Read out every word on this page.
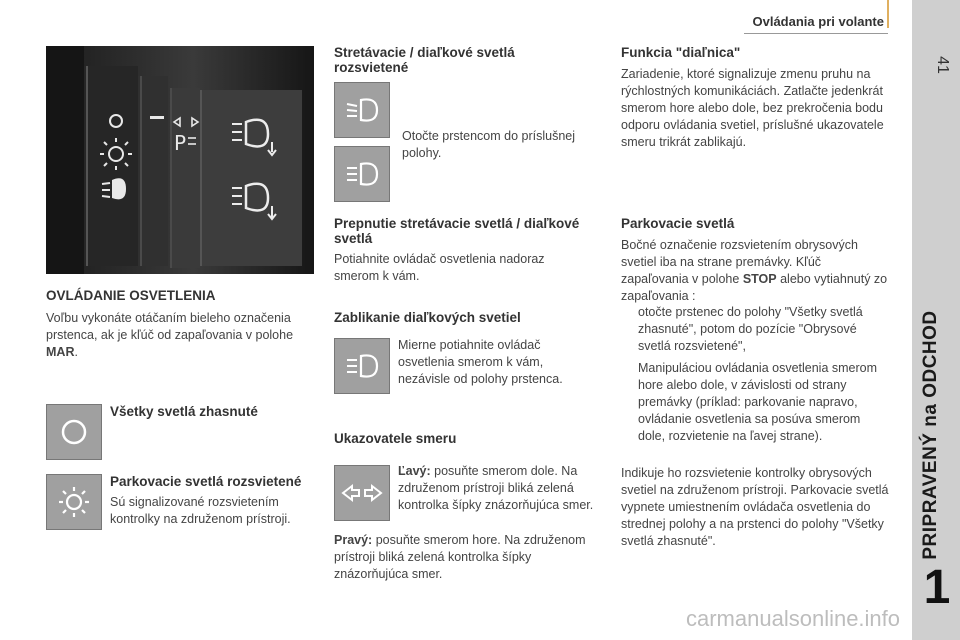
Ovládania pri volante
41
PRIPRAVENÝ na ODCHOD
1
P
OVLÁDANIE OSVETLENIA

Voľbu vykonáte otáčaním bieleho označenia prstenca, ak je kľúč od zapaľovania v polohe MAR.

Všetky svetlá zhasnuté
Parkovacie svetlá rozsvietené

Sú signalizované rozsvietením kontrolky na združenom prístroji.

Stretávacie / diaľkové svetlá rozsvietené

Otočte prstencom do príslušnej polohy.

Prepnutie stretávacie svetlá / diaľkové svetlá

Potiahnite ovládač osvetlenia nadoraz smerom k vám.

Zablikanie diaľkových svetiel

Mierne potiahnite ovládač osvetlenia smerom k vám, nezávisle od polohy prstenca.

Ukazovatele smeru

Ľavý: posuňte smerom dole. Na združenom prístroji bliká zelená kontrolka šípky znázorňujúca smer.

Pravý: posuňte smerom hore. Na združenom prístroji bliká zelená kontrolka šípky znázorňujúca smer.

Funkcia "diaľnica"

Zariadenie, ktoré signalizuje zmenu pruhu na rýchlostných komunikáciách. Zatlačte jedenkrát smerom hore alebo dole, bez prekročenia bodu odporu ovládania svetiel, príslušné ukazovatele smeru trikrát zablikajú.

Parkovacie svetlá

Bočné označenie rozsvietením obrysových svetiel iba na strane premávky. Kľúč zapaľovania v polohe STOP alebo vytiahnutý zo zapaľovania :

otočte prstenec do polohy "Všetky svetlá zhasnuté", potom do pozície "Obrysové svetlá rozsvietené",

Manipuláciou ovládania osvetlenia smerom hore alebo dole, v závislosti od strany premávky (príklad: parkovanie napravo, ovládanie osvetlenia sa posúva smerom dole, rozvietenie na ľavej strane).

Indikuje ho rozsvietenie kontrolky obrysových svetiel na združenom prístroji. Parkovacie svetlá vypnete umiestnením ovládača osvetlenia do strednej polohy a na prstenci do polohy "Všetky svetlá zhasnuté".

carmanualsonline.info
